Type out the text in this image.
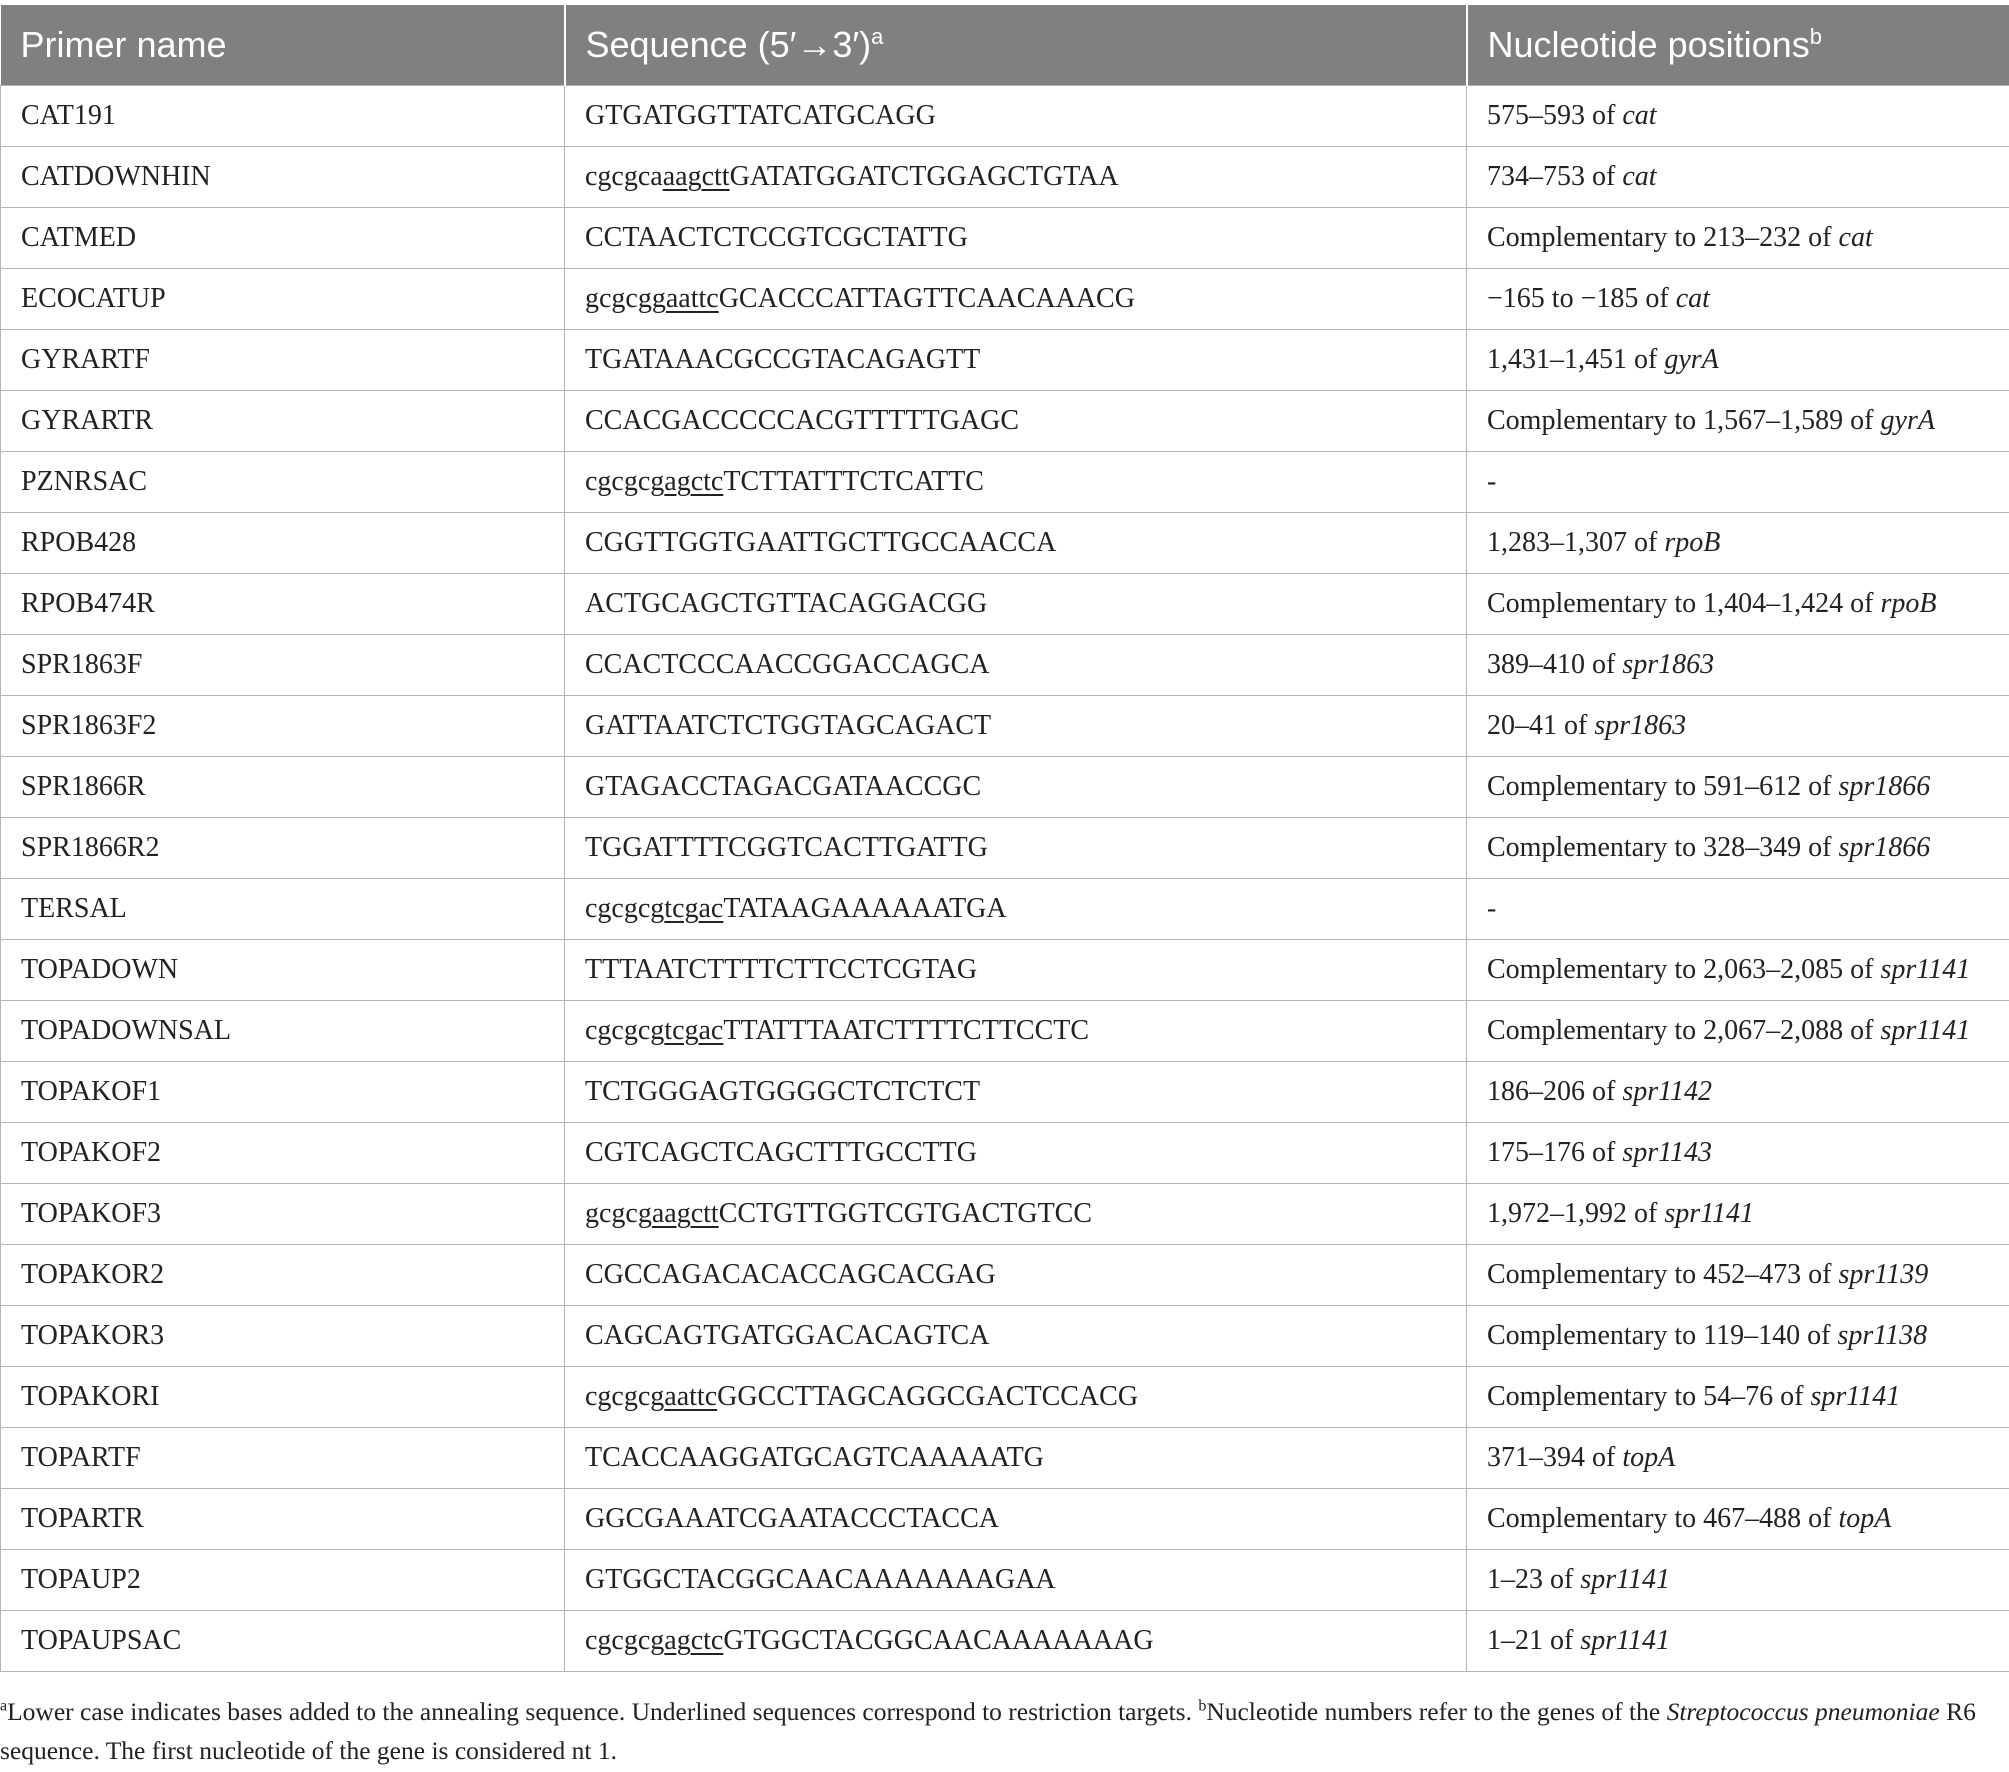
Primer name	Sequence $(5'\to 3')^a$	Nucleotide positions$^b$
CAT191	GTGATGGTTATCATGCAGG	575–593 of cat
CATDOWNHIN	cgcgcaaagcttGATATGGATCTGGAGCTGTAA	734–753 of cat
CATMED	CCTAACTCTCCGTCGCTATTG	Complementary to 213–232 of cat
ECOCATUP	gcgcggaattcGCACCCATTAGTTCAACAAACG	−165 to −185 of cat
GYRARTF	TGATAAACGCCGTACAGAGTT	1,431–1,451 of gyrA
GYRARTR	CCACGACCCCCACGTTTTTGAGC	Complementary to 1,567–1,589 of gyrA
PZNRSAC	cgcgcgagctcTCTTATTTCTCATTC	-
RPOB428	CGGTTGGTGAATTGCTTGCCAACCA	1,283–1,307 of rpoB
RPOB474R	ACTGCAGCTGTTACAGGACGG	Complementary to 1,404–1,424 of rpoB
SPR1863F	CCACTCCCAACCGGACCAGCA	389–410 of spr1863
SPR1863F2	GATTAATCTCTGGTAGCAGACT	20–41 of spr1863
SPR1866R	GTAGACCTAGACGATAACCGC	Complementary to 591–612 of spr1866
SPR1866R2	TGGATTTTCGGTCACTTGATTG	Complementary to 328–349 of spr1866
TERSAL	cgcgcgtcgacTATAAGAAAAAATGA	-
TOPADOWN	TTTAATCTTTTCTTCCTCGTAG	Complementary to 2,063–2,085 of spr1141
TOPADOWNSAL	cgcgcgtcgacTTATTTAATCTTTTCTTCCTC	Complementary to 2,067–2,088 of spr1141
TOPAKOF1	TCTGGGAGTGGGGCTCTCTCT	186–206 of spr1142
TOPAKOF2	CGTCAGCTCAGCTTTGCCTTG	175–176 of spr1143
TOPAKOF3	gcgcgaagcttCCTGTTGGTCGTGACTGTCC	1,972–1,992 of spr1141
TOPAKOR2	CGCCAGACACACCAGCACGAG	Complementary to 452–473 of spr1139
TOPAKOR3	CAGCAGTGATGGACACAGTCA	Complementary to 119–140 of spr1138
TOPAKORI	cgcgcgaattcGGCCTTAGCAGGCGACTCCACG	Complementary to 54–76 of spr1141
TOPARTF	TCACCAAGGATGCAGTCAAAAATG	371–394 of topA
TOPARTR	GGCGAAATCGAATACCCTACCA	Complementary to 467–488 of topA
TOPAUP2	GTGGCTACGGCAACAAAAAAAGAA	1–23 of spr1141
TOPAUPSAC	cgcgcgagctcGTGGCTACGGCAACAAAAAAAG	1–21 of spr1141
$^a$Lower case indicates bases added to the annealing sequence. Underlined sequences correspond to restriction targets. $^b$Nucleotide numbers refer to the genes of the Streptococcus pneumoniae R6 sequence. The first nucleotide of the gene is considered nt 1.
